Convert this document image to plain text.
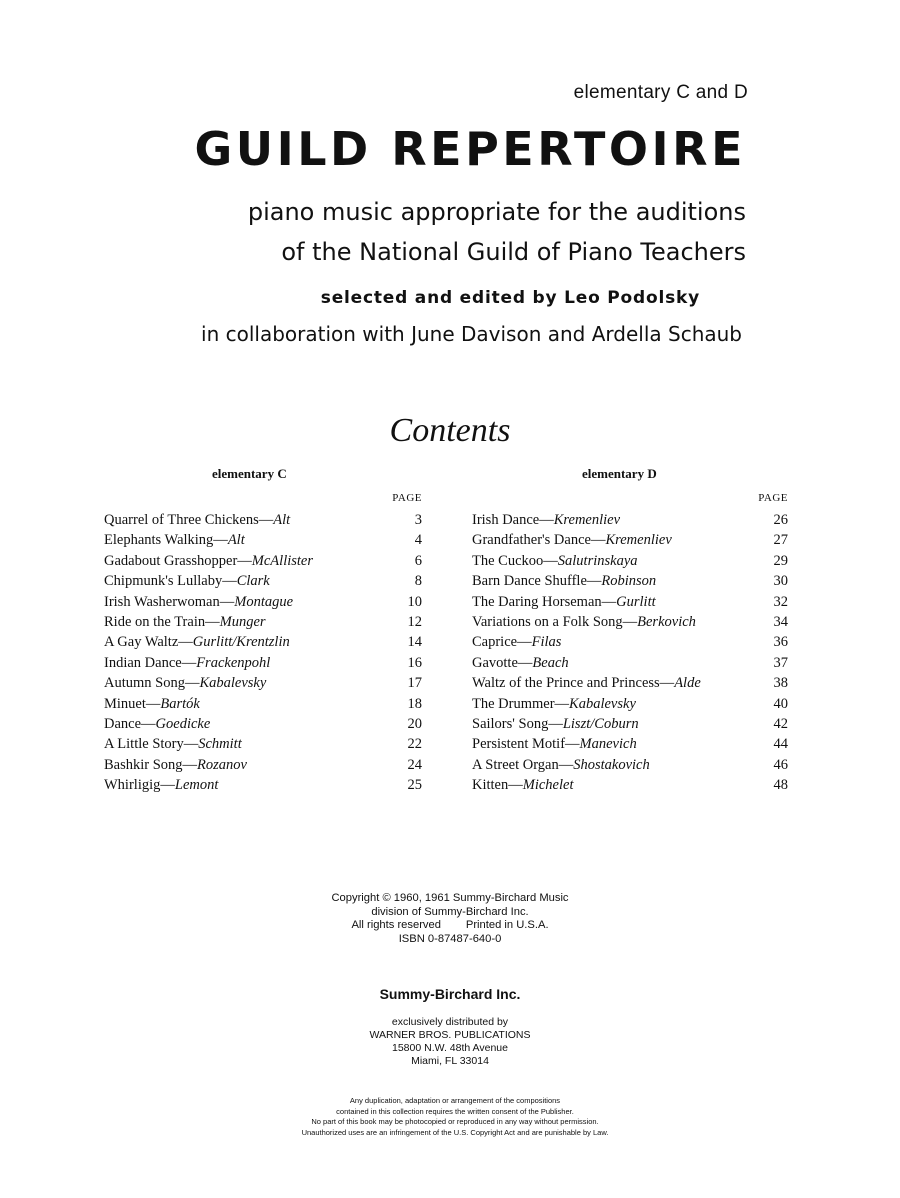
elementary C and D
GUILD REPERTOIRE
piano music appropriate for the auditions
of the National Guild of Piano Teachers
selected and edited by Leo Podolsky
in collaboration with June Davison and Ardella Schaub
Contents
elementary C
PAGE
Quarrel of Three Chickens—Alt	3
Elephants Walking—Alt	4
Gadabout Grasshopper—McAllister	6
Chipmunk's Lullaby—Clark	8
Irish Washerwoman—Montague	10
Ride on the Train—Munger	12
A Gay Waltz—Gurlitt/Krentzlin	14
Indian Dance—Frackenpohl	16
Autumn Song—Kabalevsky	17
Minuet—Bartók	18
Dance—Goedicke	20
A Little Story—Schmitt	22
Bashkir Song—Rozanov	24
Whirligig—Lemont	25
elementary D
PAGE
Irish Dance—Kremenliev	26
Grandfather's Dance—Kremenliev	27
The Cuckoo—Salutrinskaya	29
Barn Dance Shuffle—Robinson	30
The Daring Horseman—Gurlitt	32
Variations on a Folk Song—Berkovich	34
Caprice—Filas	36
Gavotte—Beach	37
Waltz of the Prince and Princess—Alde	38
The Drummer—Kabalevsky	40
Sailors' Song—Liszt/Coburn	42
Persistent Motif—Manevich	44
A Street Organ—Shostakovich	46
Kitten—Michelet	48
Copyright © 1960, 1961 Summy-Birchard Music
division of Summy-Birchard Inc.
All rights reserved Printed in U.S.A.
ISBN 0-87487-640-0
Summy-Birchard Inc.
exclusively distributed by
WARNER BROS. PUBLICATIONS
15800 N.W. 48th Avenue
Miami, FL 33014
Any duplication, adaptation or arrangement of the compositions
contained in this collection requires the written consent of the Publisher.
No part of this book may be photocopied or reproduced in any way without permission.
Unauthorized uses are an infringement of the U.S. Copyright Act and are punishable by Law.
